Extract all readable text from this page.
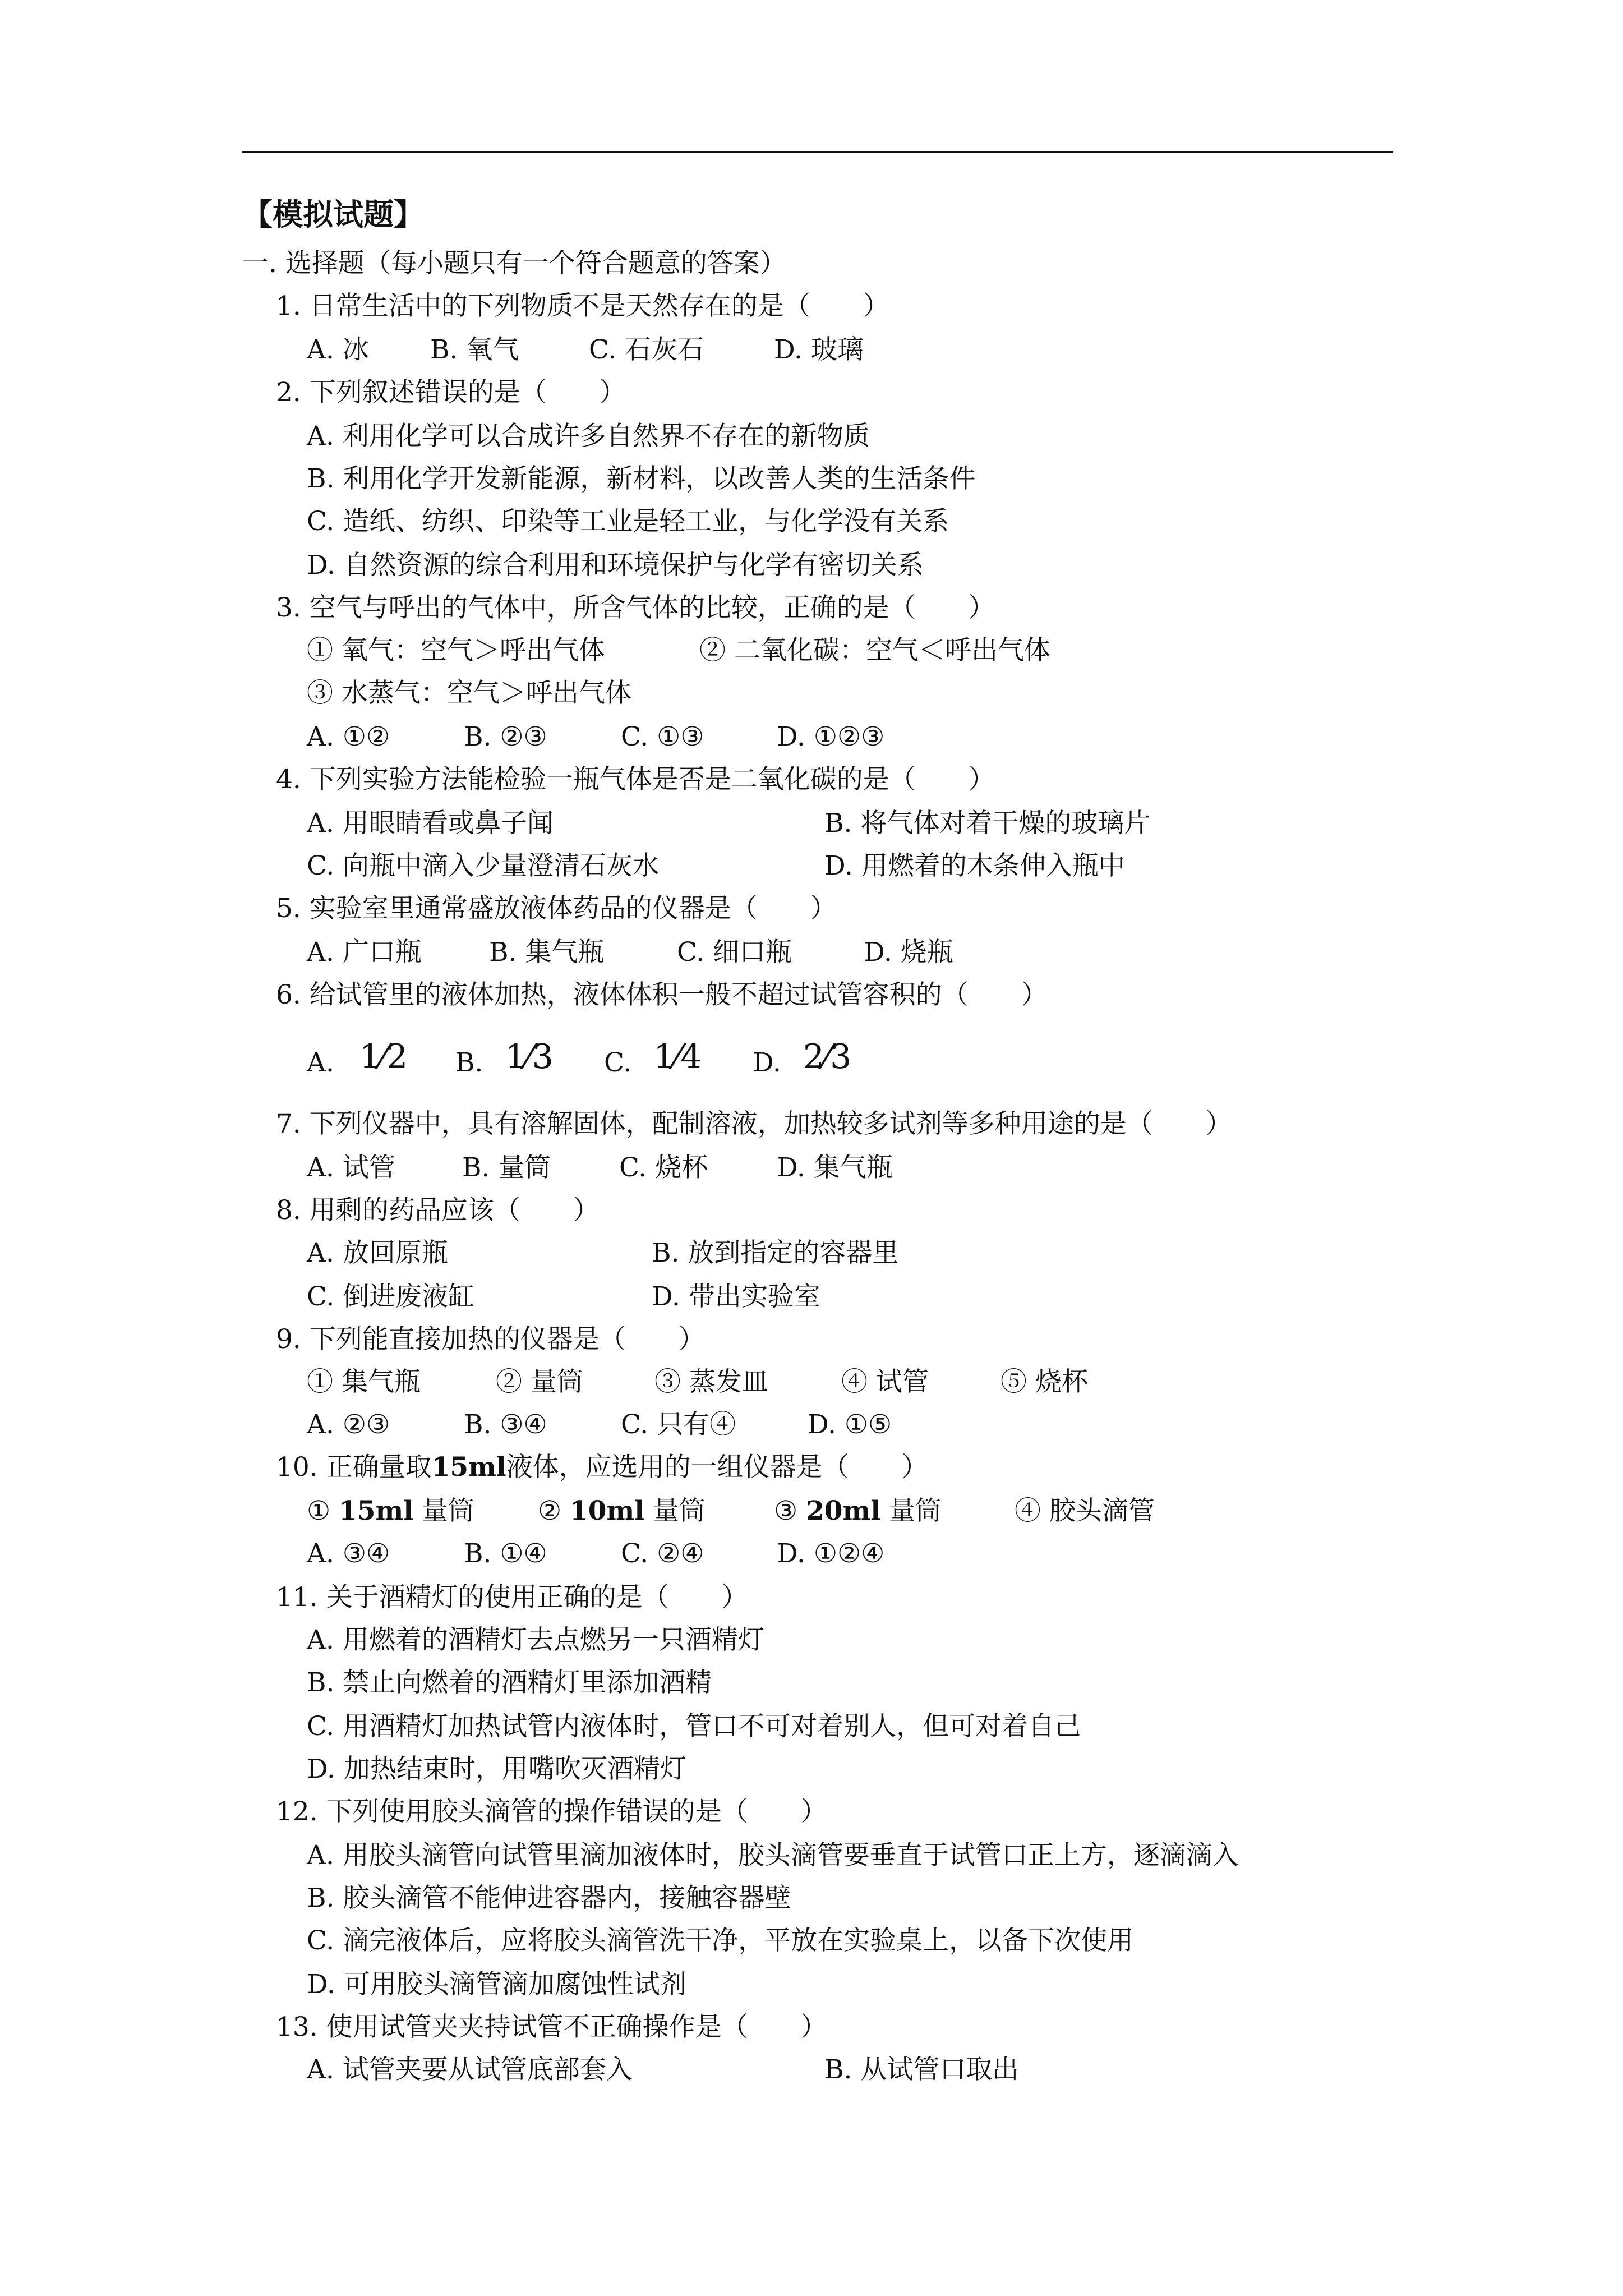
【模拟试题】
一. 选择题（每小题只有一个符合题意的答案）
1. 日常生活中的下列物质不是天然存在的是（　　）
A. 冰 B. 氧气	C. 石灰石	D. 玻璃
2. 下列叙述错误的是（　　）
A. 利用化学可以合成许多自然界不存在的新物质
B. 利用化学开发新能源，新材料，以改善人类的生活条件
C. 造纸、纺织、印染等工业是轻工业，与化学没有关系
D. 自然资源的综合利用和环境保护与化学有密切关系
3. 空气与呼出的气体中，所含气体的比较，正确的是（　　）
① 氧气：空气＞呼出气体	② 二氧化碳：空气＜呼出气体
③ 水蒸气：空气＞呼出气体
A. ①②	B. ②③	C. ①③	D. ①②③
4. 下列实验方法能检验一瓶气体是否是二氧化碳的是（　　）
A. 用眼睛看或鼻子闻	B. 将气体对着干燥的玻璃片
C. 向瓶中滴入少量澄清石灰水	D. 用燃着的木条伸入瓶中
5. 实验室里通常盛放液体药品的仪器是（　　）
A. 广口瓶	B. 集气瓶	C. 细口瓶	D. 烧瓶
6. 给试管里的液体加热，液体体积一般不超过试管容积的（　　）
A. 1⁄2 B. 1⁄3 C. 1⁄4 D. 2⁄3
7. 下列仪器中，具有溶解固体，配制溶液，加热较多试剂等多种用途的是（　　）
A. 试管	B. 量筒	C. 烧杯	D. 集气瓶
8. 用剩的药品应该（　　）
A. 放回原瓶	B. 放到指定的容器里
C. 倒进废液缸	D. 带出实验室
9. 下列能直接加热的仪器是（　　）
① 集气瓶	② 量筒	③ 蒸发皿	④ 试管	⑤ 烧杯
A. ②③	B. ③④	C. 只有④	D. ①⑤
10. 正确量取15ml液体，应选用的一组仪器是（　　）
① 15ml 量筒 ② 10ml 量筒	③ 20ml 量筒	④ 胶头滴管
A. ③④	B. ①④	C. ②④	D. ①②④
11. 关于酒精灯的使用正确的是（　　）
A. 用燃着的酒精灯去点燃另一只酒精灯
B. 禁止向燃着的酒精灯里添加酒精
C. 用酒精灯加热试管内液体时，管口不可对着别人，但可对着自己
D. 加热结束时，用嘴吹灭酒精灯
12. 下列使用胶头滴管的操作错误的是（　　）
A. 用胶头滴管向试管里滴加液体时，胶头滴管要垂直于试管口正上方，逐滴滴入
B. 胶头滴管不能伸进容器内，接触容器壁
C. 滴完液体后，应将胶头滴管洗干净，平放在实验桌上，以备下次使用
D. 可用胶头滴管滴加腐蚀性试剂
13. 使用试管夹夹持试管不正确操作是（　　）
A. 试管夹要从试管底部套入	B. 从试管口取出
